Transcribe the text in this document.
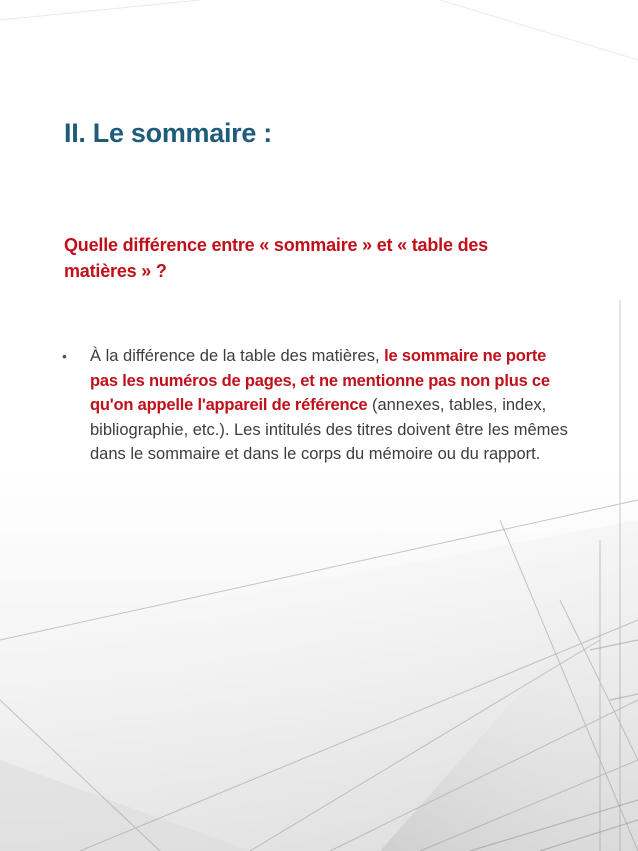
II. Le sommaire :
Quelle différence entre « sommaire » et « table des matières » ?
• À la différence de la table des matières, le sommaire ne porte pas les numéros de pages, et ne mentionne pas non plus ce qu'on appelle l'appareil de référence (annexes, tables, index, bibliographie, etc.). Les intitulés des titres doivent être les mêmes dans le sommaire et dans le corps du mémoire ou du rapport.
